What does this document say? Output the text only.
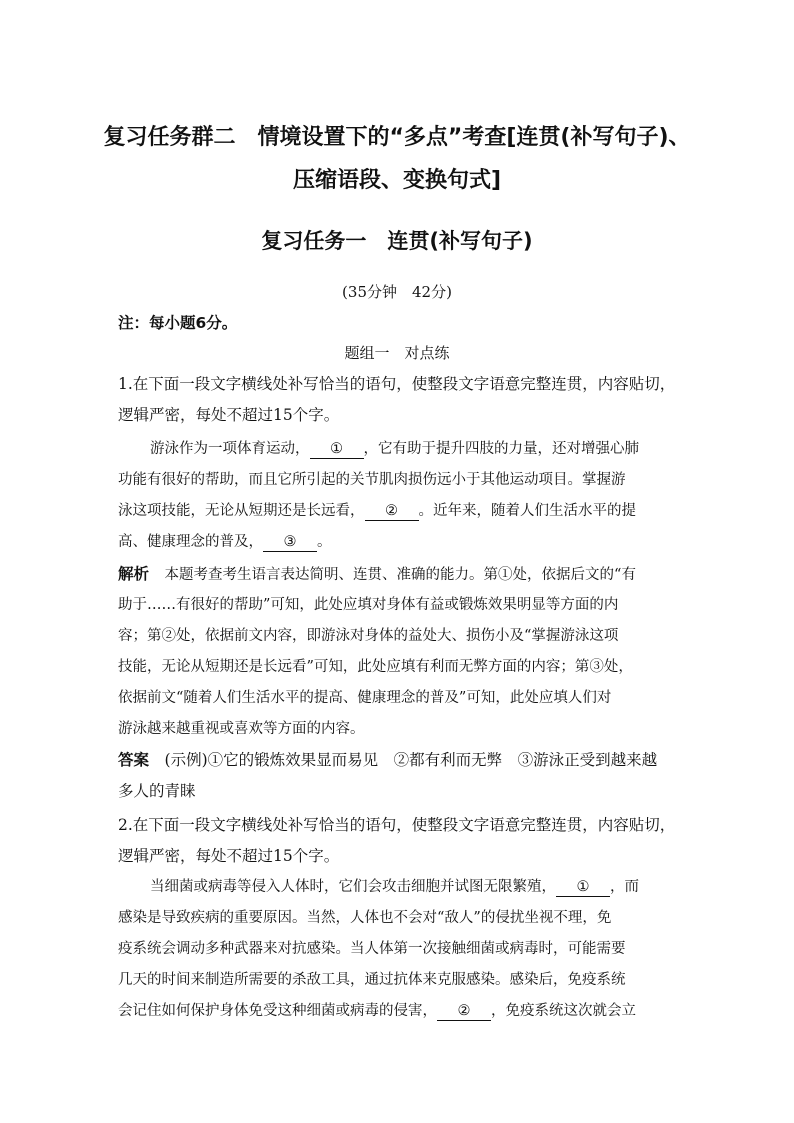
复习任务群二　情境设置下的“多点”考查[连贯(补写句子)、
压缩语段、变换句式]
复习任务一　连贯(补写句子)
(35分钟　42分)
注：每小题6分。
题组一　对点练
1.在下面一段文字横线处补写恰当的语句，使整段文字语意完整连贯，内容贴切，
逻辑严密，每处不超过15个字。
游泳作为一项体育运动， ① ，它有助于提升四肢的力量，还对增强心肺
功能有很好的帮助，而且它所引起的关节肌肉损伤远小于其他运动项目。掌握游
泳这项技能，无论从短期还是长远看， ② 。近年来，随着人们生活水平的提
高、健康理念的普及， ③ 。
解析　 本题考查考生语言表达简明、连贯、准确的能力。第①处，依据后文的“有
助于……有很好的帮助”可知，此处应填对身体有益或锻炼效果明显等方面的内
容；第②处，依据前文内容，即游泳对身体的益处大、损伤小及“掌握游泳这项
技能，无论从短期还是长远看”可知，此处应填有利而无弊方面的内容；第③处，
依据前文“随着人们生活水平的提高、健康理念的普及”可知，此处应填人们对
游泳越来越重视或喜欢等方面的内容。
答案　 (示例)①它的锻炼效果显而易见　②都有利而无弊　③游泳正受到越来越
多人的青睐
2.在下面一段文字横线处补写恰当的语句，使整段文字语意完整连贯，内容贴切，
逻辑严密，每处不超过15个字。
当细菌或病毒等侵入人体时，它们会攻击细胞并试图无限繁殖， ① ，而
感染是导致疾病的重要原因。当然，人体也不会对“敌人”的侵扰坐视不理，免
疫系统会调动多种武器来对抗感染。当人体第一次接触细菌或病毒时，可能需要
几天的时间来制造所需要的杀敌工具，通过抗体来克服感染。感染后，免疫系统
会记住如何保护身体免受这种细菌或病毒的侵害， ② ，免疫系统这次就会立
